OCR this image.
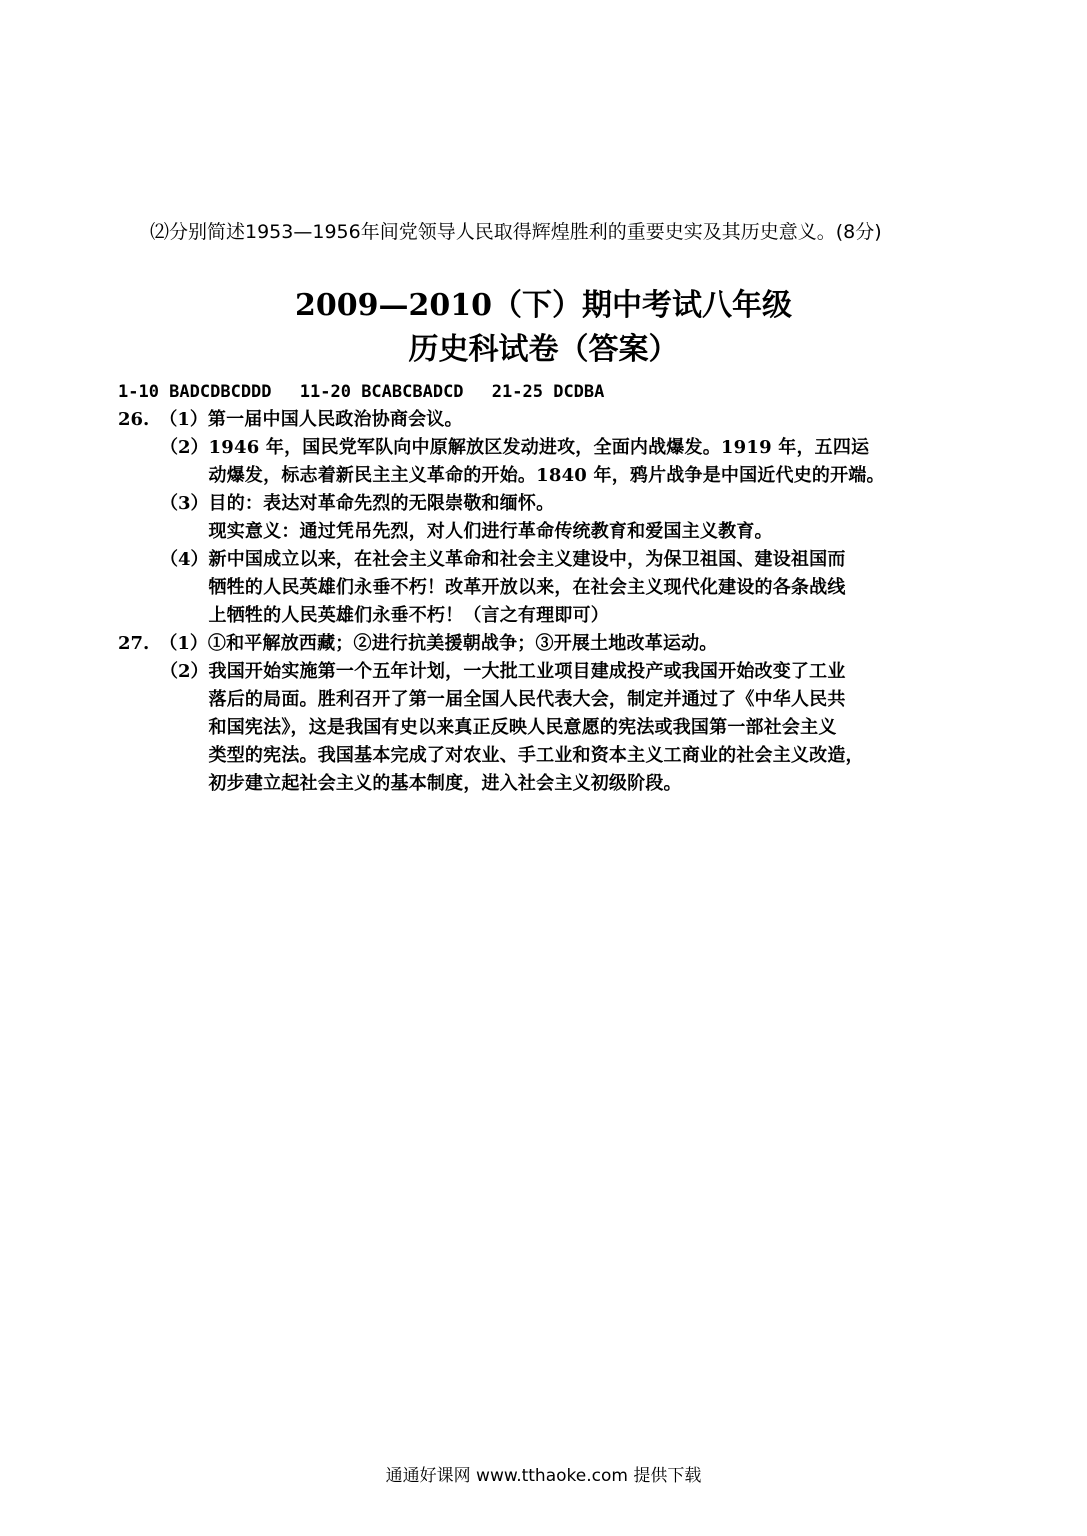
⑵分别简述1953—1956年间党领导人民取得辉煌胜利的重要史实及其历史意义。(8分)
2009—2010（下）期中考试八年级
历史科试卷（答案）
1-10 BADCDBCDDD 11-20 BCABCBADCD 21-25 DCDBA
26. （1） 第一届中国人民政治协商会议。
（2） 1946 年，国民党军队向中原解放区发动进攻，全面内战爆发。1919 年，五四运
动爆发，标志着新民主主义革命的开始。1840 年，鸦片战争是中国近代史的开端。
（3） 目的：表达对革命先烈的无限崇敬和缅怀。
现实意义：通过凭吊先烈，对人们进行革命传统教育和爱国主义教育。
（4） 新中国成立以来，在社会主义革命和社会主义建设中，为保卫祖国、建设祖国而
牺牲的人民英雄们永垂不朽！改革开放以来，在社会主义现代化建设的各条战线
上牺牲的人民英雄们永垂不朽！（言之有理即可）
27. （1） ①和平解放西藏；②进行抗美援朝战争；③开展土地改革运动。
（2） 我国开始实施第一个五年计划，一大批工业项目建成投产或我国开始改变了工业
落后的局面。胜利召开了第一届全国人民代表大会，制定并通过了《中华人民共
和国宪法》，这是我国有史以来真正反映人民意愿的宪法或我国第一部社会主义
类型的宪法。我国基本完成了对农业、手工业和资本主义工商业的社会主义改造，
初步建立起社会主义的基本制度，进入社会主义初级阶段。
通通好课网 www.tthaoke.com 提供下载
